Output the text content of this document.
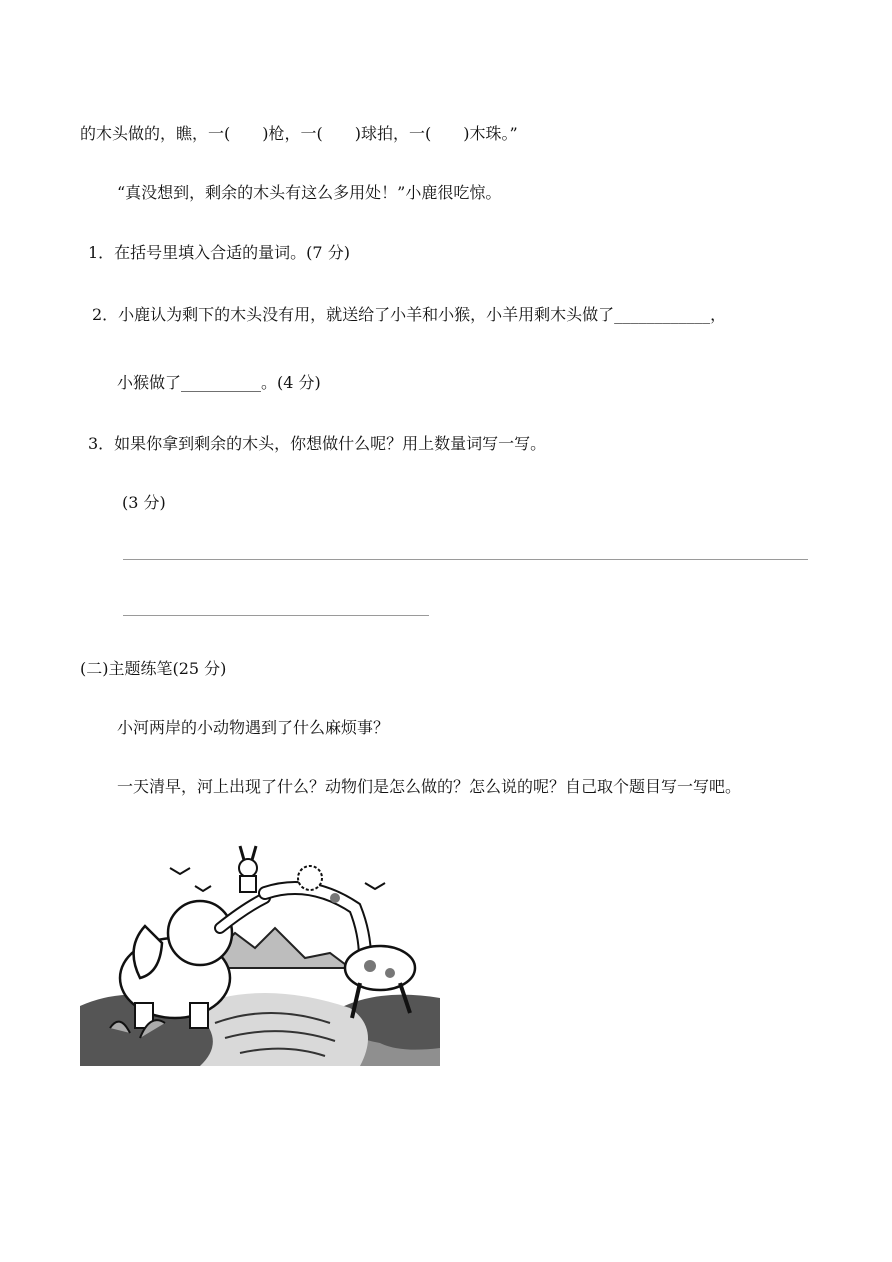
的木头做的，瞧，一(　　)枪，一(　　)球拍，一(　　)木珠。”
“真没想到，剩余的木头有这么多用处！”小鹿很吃惊。
1．在括号里填入合适的量词。(7 分)
2．小鹿认为剩下的木头没有用，就送给了小羊和小猴，小羊用剩木头做了____________，
小猴做了__________。(4 分)
3．如果你拿到剩余的木头，你想做什么呢？用上数量词写一写。
(3 分)
(二)主题练笔(25 分)
小河两岸的小动物遇到了什么麻烦事？
一天清早，河上出现了什么？动物们是怎么做的？怎么说的呢？自己取个题目写一写吧。
